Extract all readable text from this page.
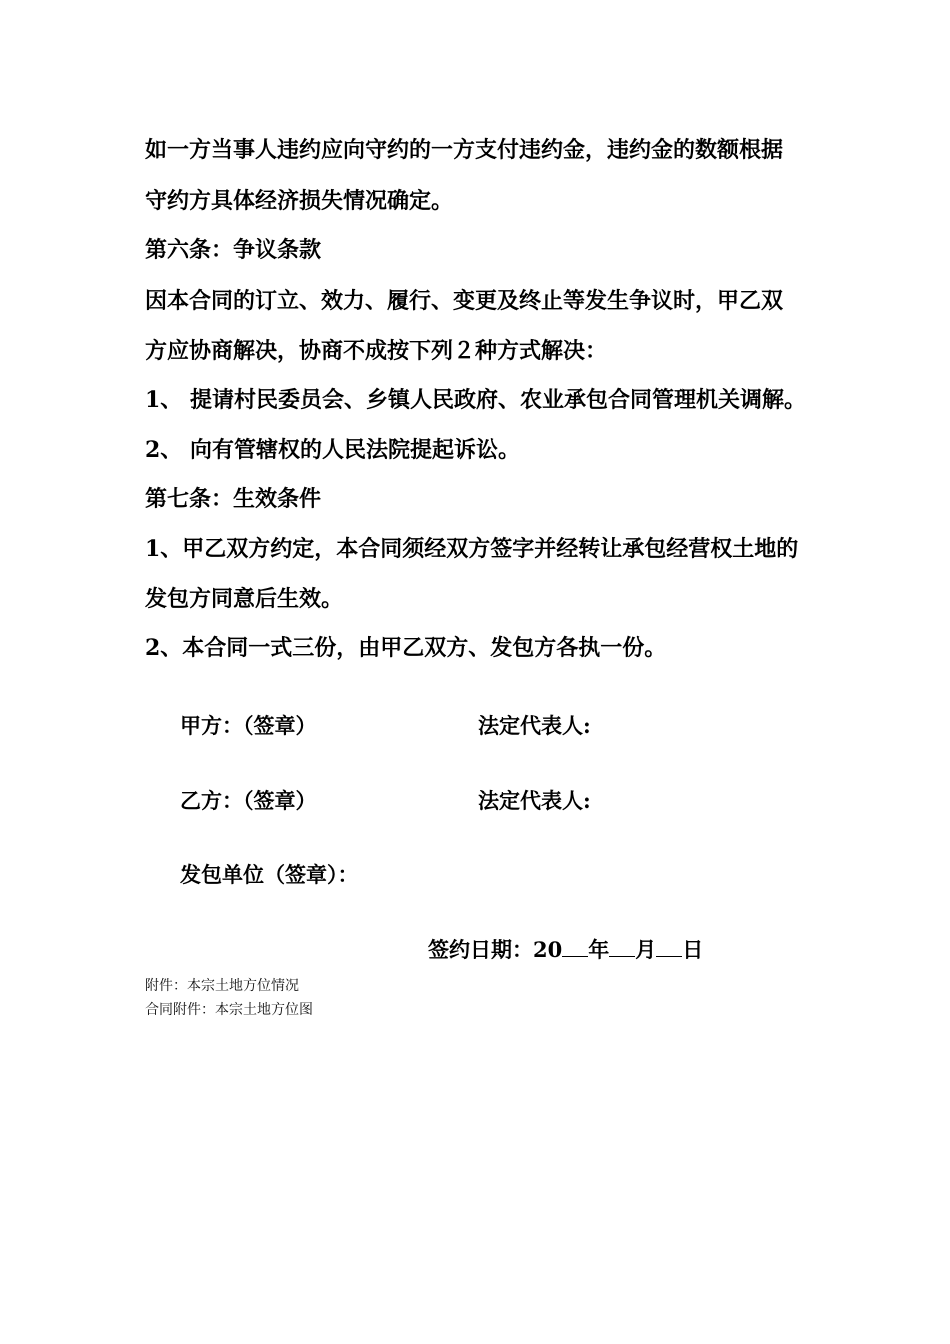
如一方当事人违约应向守约的一方支付违约金，违约金的数额根据
守约方具体经济损失情况确定。
第六条：争议条款
因本合同的订立、效力、履行、变更及终止等发生争议时，甲乙双
方应协商解决，协商不成按下列２种方式解决：
1、 提请村民委员会、乡镇人民政府、农业承包合同管理机关调解。
2、 向有管辖权的人民法院提起诉讼。
第七条：生效条件
1、甲乙双方约定，本合同须经双方签字并经转让承包经营权土地的
发包方同意后生效。
2、本合同一式三份，由甲乙双方、发包方各执一份。
甲方：（签章）	法定代表人:
乙方：（签章）	法定代表人:
发包单位（签章）：
签约日期：20 年 月 日
附件：本宗土地方位情况
合同附件：本宗土地方位图
